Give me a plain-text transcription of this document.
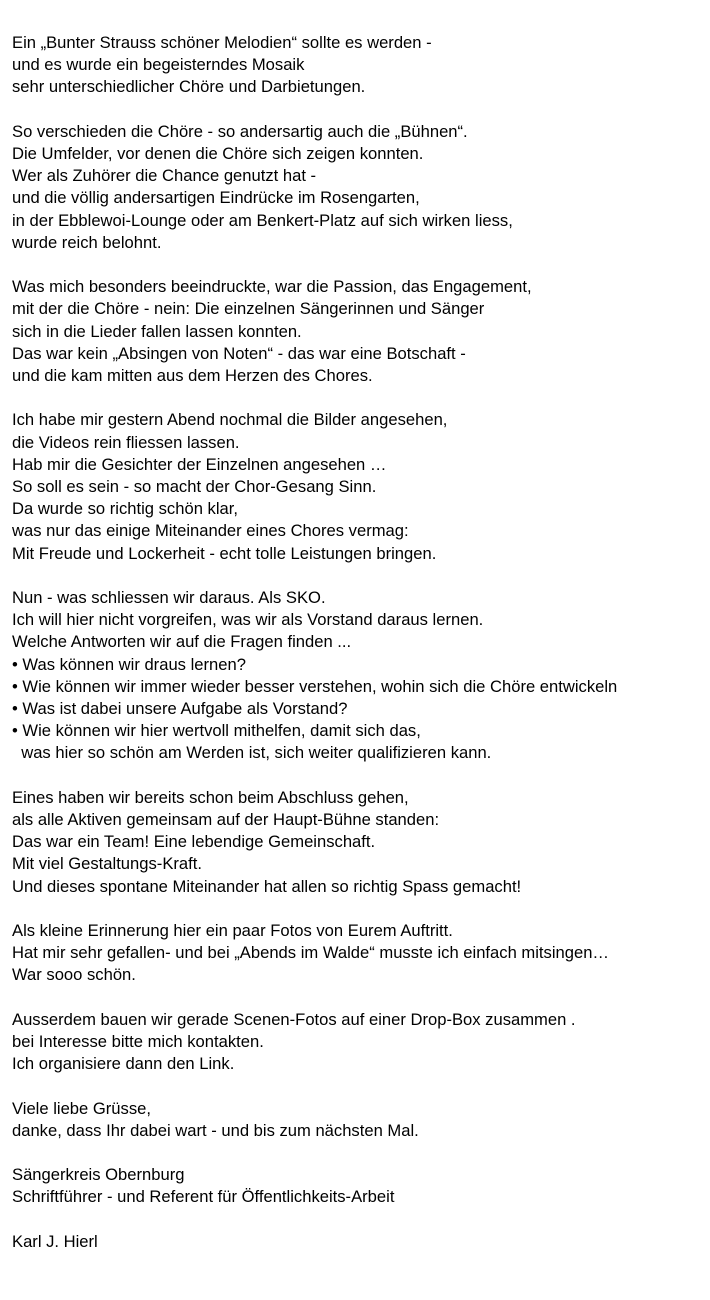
Ein „Bunter Strauss schöner Melodien“ sollte es werden -
und es wurde ein begeisterndes Mosaik
sehr unterschiedlicher Chöre und Darbietungen.

So verschieden die Chöre - so andersartig auch die „Bühnen“.
Die Umfelder, vor denen die Chöre sich zeigen konnten.
Wer als Zuhörer die Chance genutzt hat -
und die völlig andersartigen Eindrücke im Rosengarten,
in der Ebblewoi-Lounge oder am Benkert-Platz auf sich wirken liess,
wurde reich belohnt.

Was mich besonders beeindruckte, war die Passion, das Engagement,
mit der die Chöre - nein: Die einzelnen Sängerinnen und Sänger
sich in die Lieder fallen lassen konnten.
Das war kein „Absingen von Noten“ - das war eine Botschaft -
und die kam mitten aus dem Herzen des Chores.

Ich habe mir gestern Abend nochmal die Bilder angesehen,
die Videos rein fliessen lassen.
Hab mir die Gesichter der Einzelnen angesehen …
So soll es sein - so macht der Chor-Gesang Sinn.
Da wurde so richtig schön klar,
was nur das einige Miteinander eines Chores vermag:
Mit Freude und Lockerheit - echt tolle Leistungen bringen.

Nun - was schliessen wir daraus. Als SKO.
Ich will hier nicht vorgreifen, was wir als Vorstand daraus lernen.
Welche Antworten wir auf die Fragen finden ...
• Was können wir draus lernen?
• Wie können wir immer wieder besser verstehen, wohin sich die Chöre entwickeln
• Was ist dabei unsere Aufgabe als Vorstand?
• Wie können wir hier wertvoll mithelfen, damit sich das,
was hier so schön am Werden ist, sich weiter qualifizieren kann.

Eines haben wir bereits schon beim Abschluss gehen,
als alle Aktiven gemeinsam auf der Haupt-Bühne standen:
Das war ein Team! Eine lebendige Gemeinschaft.
Mit viel Gestaltungs-Kraft.
Und dieses spontane Miteinander hat allen so richtig Spass gemacht!

Als kleine Erinnerung hier ein paar Fotos von Eurem Auftritt.
Hat mir sehr gefallen- und bei „Abends im Walde“ musste ich einfach mitsingen…
War sooo schön.

Ausserdem bauen wir gerade Scenen-Fotos auf einer Drop-Box zusammen .
bei Interesse bitte mich kontakten.
Ich organisiere dann den Link.

Viele liebe Grüsse,
danke, dass Ihr dabei wart - und bis zum nächsten Mal.

Sängerkreis Obernburg
Schriftführer - und Referent für Öffentlichkeits-Arbeit

Karl J. Hierl
